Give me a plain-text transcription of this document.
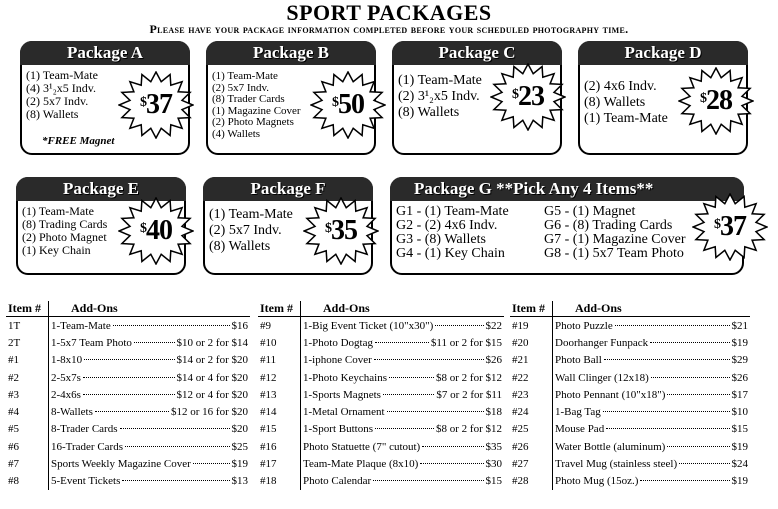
SPORT PACKAGES
Please have your package information completed before your scheduled photography time.
Package A
(1) Team-Mate
(4) 3¹₂x5 Indv.
(2) 5x7 Indv.
(8) Wallets
*FREE Magnet
$ 37
Package B
(1) Team-Mate
(2) 5x7 Indv.
(8) Trader Cards
(1) Magazine Cover
(2) Photo Magnets
(4) Wallets
$ 50
Package C
(1) Team-Mate
(2) 3¹₂x5 Indv.
(8) Wallets
$ 23
Package D
(2) 4x6 Indv.
(8) Wallets
(1) Team-Mate
$ 28
Package E
(1) Team-Mate
(8) Trading Cards
(2) Photo Magnet
(1) Key Chain
$ 40
Package F
(1) Team-Mate
(2) 5x7 Indv.
(8) Wallets
$ 35
Package G **Pick Any 4 Items**
G1 - (1) Team-Mate
G2 - (2) 4x6 Indv.
G3 - (8) Wallets
G4 - (1) Key Chain
G5 - (1) Magnet
G6 - (8) Trading Cards
G7 - (1) Magazine Cover
G8 - (1) 5x7 Team Photo
$ 37
Item #	Add-Ons
1T	1-Team-Mate $16

2T	1-5x7 Team Photo $10 or 2 for $14

#1	1-8x10 $14 or 2 for $20

#2	2-5x7s $14 or 4 for $20

#3	2-4x6s $12 or 4 for $20

#4	8-Wallets $12 or 16 for $20

#5	8-Trader Cards $20

#6	16-Trader Cards $25

#7	Sports Weekly Magazine Cover $19

#8	5-Event Tickets $13
Item #	Add-Ons
#9	1-Big Event Ticket (10"x30") $22

#10	1-Photo Dogtag $11 or 2 for $15

#11	1-iphone Cover $26

#12	1-Photo Keychains $8 or 2 for $12

#13	1-Sports Magnets $7 or 2 for $11

#14	1-Metal Ornament $18

#15	1-Sport Buttons $8 or 2 for $12

#16	Photo Statuette (7" cutout) $35

#17	Team-Mate Plaque (8x10) $30

#18	Photo Calendar $15
Item #	Add-Ons
#19	Photo Puzzle $21

#20	Doorhanger Funpack $19

#21	Photo Ball $29

#22	Wall Clinger (12x18) $26

#23	Photo Pennant (10"x18") $17

#24	1-Bag Tag $10

#25	Mouse Pad $15

#26	Water Bottle (aluminum) $19

#27	Travel Mug (stainless steel) $24

#28	Photo Mug (15oz.) $19
